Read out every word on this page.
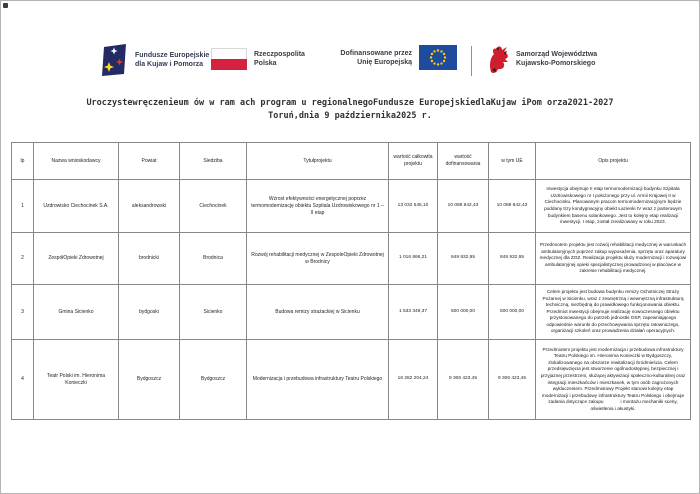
Fundusze Europejskie
dla Kujaw i Pomorza
Rzeczpospolita
Polska
Dofinansowane przez
Unię Europejską
Samorząd Województwa
Kujawsko-Pomorskiego
Uroczystewręczenieum ów w ram ach program u regionalnegoFundusze EuropejskiedlaKujaw iPom orza2021-2027
Toruń,dnia 9 października2025 r.
lp	Nazwa wnioskodawcy	Powiat	Siedziba	Tytułprojektu	wartość całkowita projektu	wartość dofinansowania	w tym UE	Opis projektu
1	Uzdrowisko Ciechocinek S.A.	aleksandrowski	Ciechocinek	Wzrost efektywności energetycznej poprzez termomodernizację obiektu Szpitala Uzdrowiskowego nr 1 – II etap	13 032 545,10	10 088 842,43	10 088 842,43	Inwestycja obejmuje II etap termomodernizacji budynku Szpitala Uzdrowiskowego nr I położonego przy ul. Armii Krajowej II w Ciechocinku. Planowanym pracom termomodernizacyjnym będzie poddany trzy kondygnacyjny obiekt Łazienki IV wraz z parterowym budynkiem basenu solankowego. Jest to kolejny etap realizacji inwestycji. I etap, został zrealizowany w roku 2023.
2	ZespółOpieki Zdrowotnej	brodnicki	Brodnica	Rozwój rehabilitacji medycznej w ZespoleOpieki Zdrowotnej w Brodnicy	1 016 866,21	849 932,95	849 932,95	Przedmiotem projektu jest rozwój rehabilitacji medycznej w warunkach ambulatoryjnych poprzez zakup wyposażenia, sprzętu oraz aparatury medycznej dla ZOZ. Realizacja projektu służy modernizacji i rozwojowi ambulatoryjnej opieki specjalistycznej prowadzonej w placówce w zakresie rehabilitacji medycznej.
3	Gmina Sicienko	bydgoski	Sicienko	Budowa remizy strażackiej w Sicienku	1 533 349,37	500 000,00	500 000,00	Celem projektu jest budowa budynku remizy Ochotniczej Straży Pożarnej w Sicienku, wraz z zewnętrzną i wewnętrzną infrastrukturą techniczną, niezbędną do prawidłowego funkcjonowania obiektu. Przedmiot inwestycji obejmuje realizację nowoczesnego obiektu przystosowanego do potrzeb jednostki OSP, zapewniającego odpowiednie warunki do przechowywania sprzętu ratowniczego, organizacji szkoleń oraz prowadzenia działań operacyjnych.
4	Teatr Polski im. Hieronima Konieczki	Bydgoszcz	Bydgoszcz	Modernizacja i przebudowa infrastruktury Teatru Polskiego	16 282 204,24	9 306 423,45	9 306 423,45	Przedmiotem projektu jest modernizacja i przebudowa infrastruktury Teatru Polskiego im. Hieronima Konieczki w Bydgoszczy, zlokalizowanego na obszarze rewitalizacji Śródmieścia. Celem przedsięwzięcia jest stworzenie ogólnodostępnej, bezpiecznej i przyjaznej przestrzeni, służącej aktywizacji społeczno-kulturalnej oraz integracji mieszkańców i mieszkanek, w tym osób zagrożonych wykluczeniem. Przedmiotowy Projekt stanowi kolejny etap modernizacji i przebudowy infrastruktury Teatru Polskiego i obejmuje zadania dotyczące zakupu             i montażu mechaniki sceny, oświetlenia i akustyki.
